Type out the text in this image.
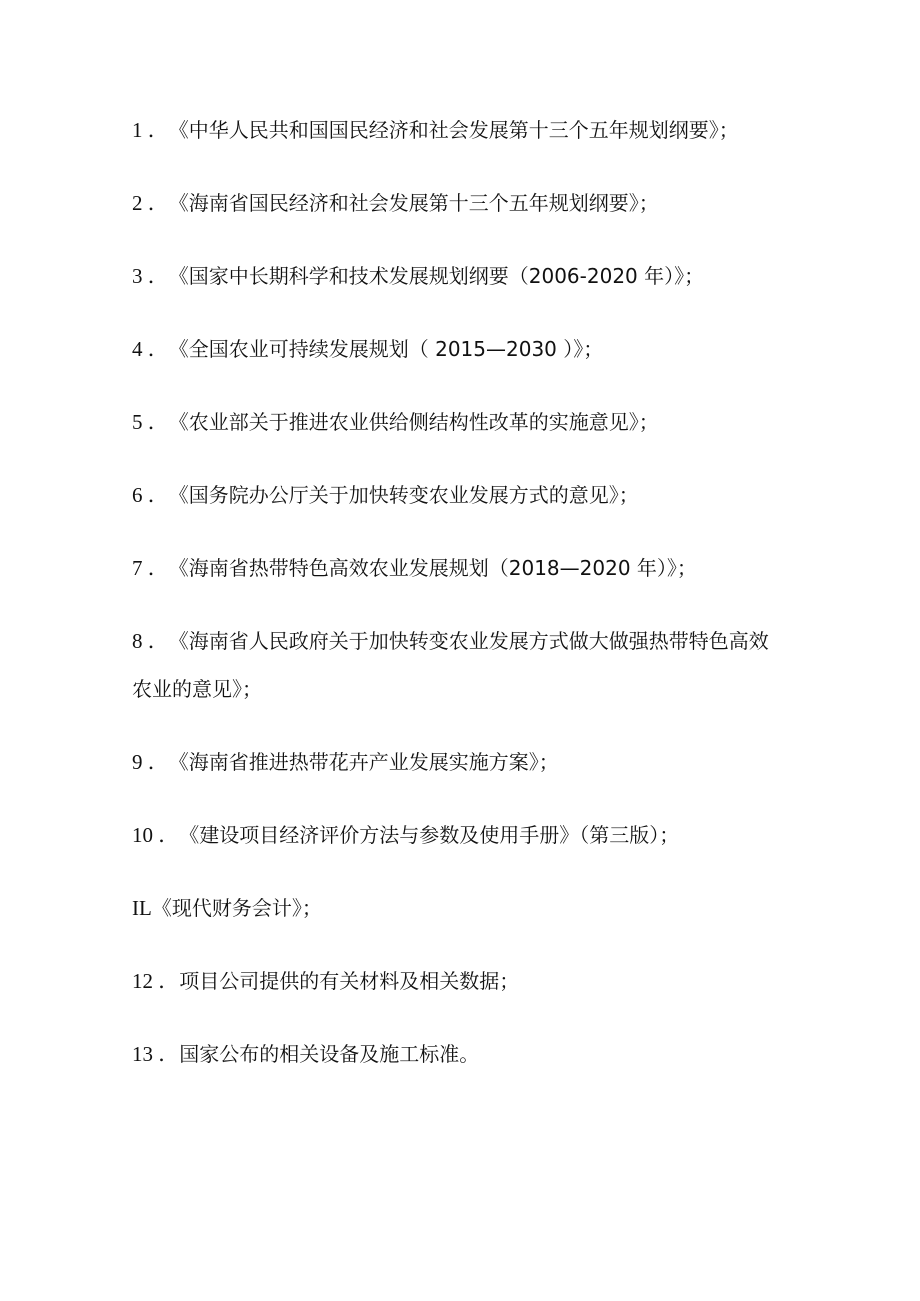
1 ．《中华人民共和国国民经济和社会发展第十三个五年规划纲要》；
2 ．《海南省国民经济和社会发展第十三个五年规划纲要》；
3 ．《国家中长期科学和技术发展规划纲要（2006-2020 年）》；
4 ．《全国农业可持续发展规划（ 2015—2030 ）》；
5 ．《农业部关于推进农业供给侧结构性改革的实施意见》；
6 ．《国务院办公厅关于加快转变农业发展方式的意见》；
7 ．《海南省热带特色高效农业发展规划（2018—2020 年）》；
8 ．《海南省人民政府关于加快转变农业发展方式做大做强热带特色高效
农业的意见》；
9 ．《海南省推进热带花卉产业发展实施方案》；
10 ．《建设项目经济评价方法与参数及使用手册》（第三版）；
IL《现代财务会计》；
12 ．项目公司提供的有关材料及相关数据；
13 ．国家公布的相关设备及施工标准。
